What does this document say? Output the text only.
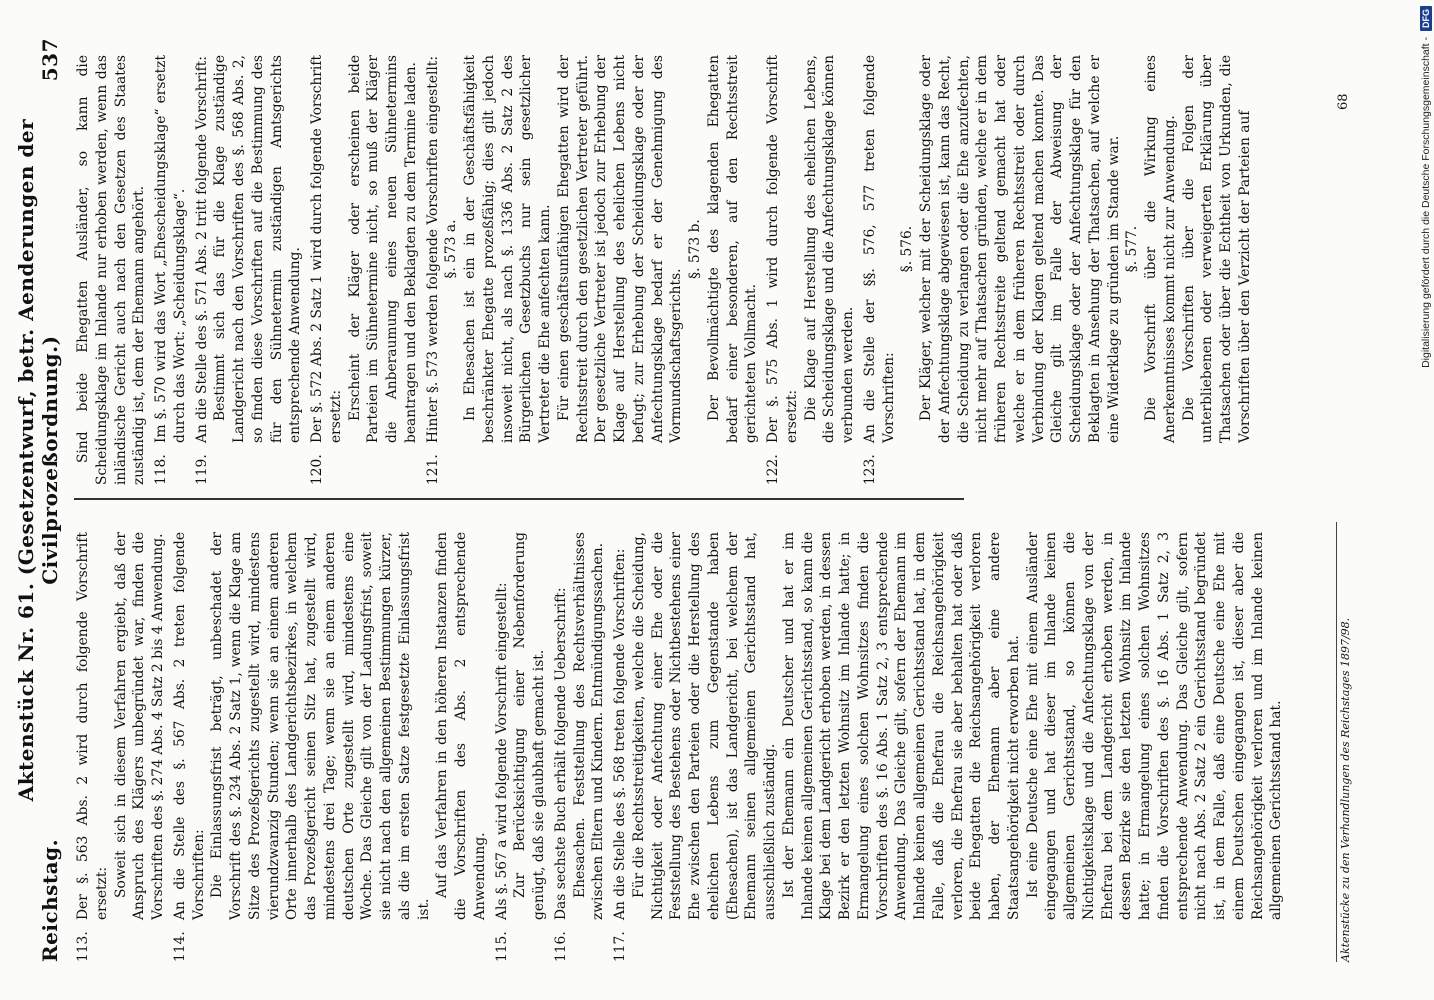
Reichstag.
Aktenstück Nr. 61. (Gesetzentwurf, betr. Aenderungen der Civilprozeßordnung.)
537
113.

Der §. 563 Abs. 2 wird durch folgende Vorschrift ersetzt: Soweit sich in diesem Verfahren ergiebt, daß der Anspruch des Klägers unbegründet war, finden die Vorschriften des §. 274 Abs. 4 Satz 2 bis 4 Anwendung.

114.

An die Stelle des §. 567 Abs. 2 treten folgende Vorschriften: Die Einlassungsfrist beträgt, unbeschadet der Vorschrift des §. 234 Abs. 2 Satz 1, wenn die Klage am Sitze des Prozeßgerichts zugestellt wird, mindestens vierundzwanzig Stunden; wenn sie an einem anderen Orte innerhalb des Landgerichtsbezirkes, in welchem das Prozeßgericht seinen Sitz hat, zugestellt wird, mindestens drei Tage; wenn sie an einem anderen deutschen Orte zugestellt wird, mindestens eine Woche. Das Gleiche gilt von der Ladungsfrist, soweit sie nicht nach den allgemeinen Bestimmungen kürzer, als die im ersten Satze festgesetzte Einlassungsfrist ist.

Auf das Verfahren in den höheren Instanzen finden die Vorschriften des Abs. 2 entsprechende Anwendung.

115.

Als §. 567 a wird folgende Vorschrift eingestellt: Zur Berücksichtigung einer Nebenforderung genügt, daß sie glaubhaft gemacht ist.

116.

Das sechste Buch erhält folgende Ueberschrift: Ehesachen. Feststellung des Rechtsverhältnisses zwischen Eltern und Kindern. Entmündigungssachen.

117.

An die Stelle des §. 568 treten folgende Vorschriften: Für die Rechtsstreitigkeiten, welche die Scheidung, Nichtigkeit oder Anfechtung einer Ehe oder die Feststellung des Bestehens oder Nichtbestehens einer Ehe zwischen den Parteien oder die Herstellung des ehelichen Lebens zum Gegenstande haben (Ehesachen), ist das Landgericht, bei welchem der Ehemann seinen allgemeinen Gerichtsstand hat, ausschließlich zuständig. Ist der Ehemann ein Deutscher und hat er im Inlande keinen allgemeinen Gerichtsstand, so kann die Klage bei dem Landgericht erhoben werden, in dessen Bezirk er den letzten Wohnsitz im Inlande hatte; in Ermangelung eines solchen Wohnsitzes finden die Vorschriften des §. 16 Abs. 1 Satz 2, 3 entsprechende Anwendung. Das Gleiche gilt, sofern der Ehemann im Inlande keinen allgemeinen Gerichtsstand hat, in dem Falle, daß die Ehefrau die Reichsangehörigkeit verloren, die Ehefrau sie aber behalten hat oder daß beide Ehegatten die Reichsangehörigkeit verloren haben, der Ehemann aber eine andere Staatsangehörigkeit nicht erworben hat. Ist eine Deutsche eine Ehe mit einem Ausländer eingegangen und hat dieser im Inlande keinen allgemeinen Gerichtsstand, so können die Nichtigkeitsklage und die Anfechtungsklage von der Ehefrau bei dem Landgericht erhoben werden, in dessen Bezirke sie den letzten Wohnsitz im Inlande hatte; in Ermangelung eines solchen Wohnsitzes finden die Vorschriften des §. 16 Abs. 1 Satz 2, 3 entsprechende Anwendung. Das Gleiche gilt, sofern nicht nach Abs. 2 Satz 2 ein Gerichtsstand begründet ist, in dem Falle, daß eine Deutsche eine Ehe mit einem Deutschen eingegangen ist, dieser aber die Reichsangehörigkeit verloren und im Inlande keinen allgemeinen Gerichtsstand hat.

Sind beide Ehegatten Ausländer, so kann die Scheidungsklage im Inlande nur erhoben werden, wenn das inländische Gericht auch nach den Gesetzen des Staates zuständig ist, dem der Ehemann angehört. 118.

Im §. 570 wird das Wort „Ehescheidungsklage“ ersetzt durch das Wort: „Scheidungsklage“.

119.

An die Stelle des §. 571 Abs. 2 tritt folgende Vorschrift: Bestimmt sich das für die Klage zuständige Landgericht nach den Vorschriften des §. 568 Abs. 2, so finden diese Vorschriften auf die Bestimmung des für den Sühnetermin zuständigen Amtsgerichts entsprechende Anwendung.

120.

Der §. 572 Abs. 2 Satz 1 wird durch folgende Vorschrift ersetzt: Erscheint der Kläger oder erscheinen beide Parteien im Sühnetermine nicht, so muß der Kläger die Anberaumung eines neuen Sühnetermins beantragen und den Beklagten zu dem Termine laden.

121.

Hinter §. 573 werden folgende Vorschriften eingestellt: §. 573 a. In Ehesachen ist ein in der Geschäftsfähigkeit beschränkter Ehegatte prozeßfähig; dies gilt jedoch insoweit nicht, als nach §. 1336 Abs. 2 Satz 2 des Bürgerlichen Gesetzbuchs nur sein gesetzlicher Vertreter die Ehe anfechten kann. Für einen geschäftsunfähigen Ehegatten wird der Rechtsstreit durch den gesetzlichen Vertreter geführt. Der gesetzliche Vertreter ist jedoch zur Erhebung der Klage auf Herstellung des ehelichen Lebens nicht befugt; zur Erhebung der Scheidungsklage oder der Anfechtungsklage bedarf er der Genehmigung des Vormundschaftsgerichts.

§. 573 b. Der Bevollmächtigte des klagenden Ehegatten bedarf einer besonderen, auf den Rechtsstreit gerichteten Vollmacht.

122.

Der §. 575 Abs. 1 wird durch folgende Vorschrift ersetzt: Die Klage auf Herstellung des ehelichen Lebens, die Scheidungsklage und die Anfechtungsklage können verbunden werden.

123.

An die Stelle der §§. 576, 577 treten folgende Vorschriften:

§. 576. Der Kläger, welcher mit der Scheidungsklage oder der Anfechtungsklage abgewiesen ist, kann das Recht, die Scheidung zu verlangen oder die Ehe anzufechten, nicht mehr auf Thatsachen gründen, welche er in dem früheren Rechtsstreite geltend gemacht hat oder welche er in dem früheren Rechtsstreit oder durch Verbindung der Klagen geltend machen konnte. Das Gleiche gilt im Falle der Abweisung der Scheidungsklage oder der Anfechtungsklage für den Beklagten in Ansehung der Thatsachen, auf welche er eine Widerklage zu gründen im Stande war. §. 577. Die Vorschrift über die Wirkung eines Anerkenntnisses kommt nicht zur Anwendung. Die Vorschriften über die Folgen der unterbliebenen oder verweigerten Erklärung über Thatsachen oder über die Echtheit von Urkunden, die Vorschriften über den Verzicht der Parteien auf

Aktenstücke zu den Verhandlungen des Reichstages 1897/98.
68	Digitalisierung gefördert durch die Deutsche Forschungsgemeinschaft -
DFG
